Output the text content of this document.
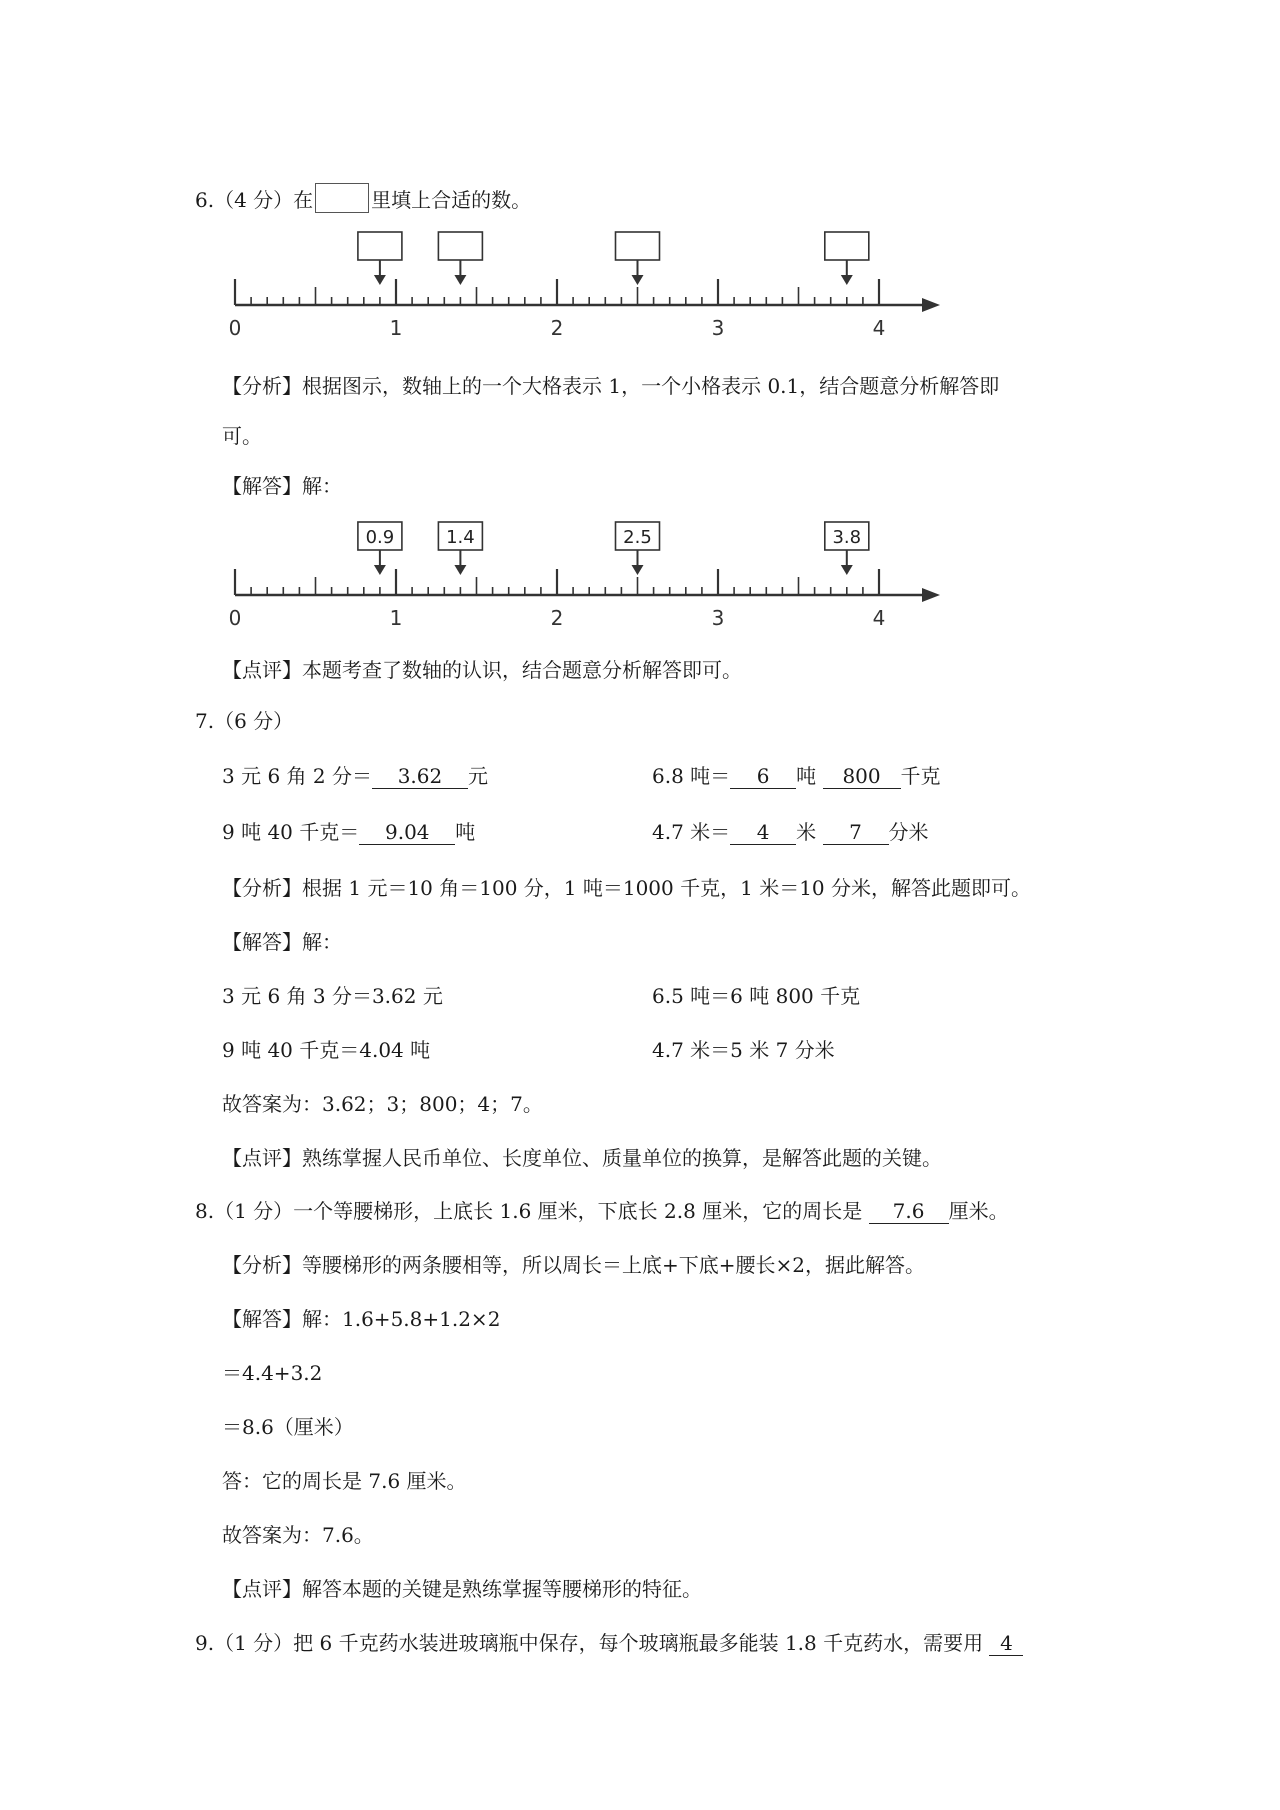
6.（4 分）在	里填上合适的数。
0	1	2	3	4
【分析】根据图示，数轴上的一个大格表示 1，一个小格表示 0.1，结合题意分析解答即
可。
【解答】解：
0	1	2	3	4
0.9	1.4	2.5	3.8
【点评】本题考查了数轴的认识，结合题意分析解答即可。
7.（6 分）
3 元 6 角 2 分＝ 3.62 元	6.8 吨＝ 6 吨 800 千克
9 吨 40 千克＝ 9.04 吨	4.7 米＝ 4 米 7 分米
【分析】根据 1 元＝10 角＝100 分，1 吨＝1000 千克，1 米＝10 分米，解答此题即可。
【解答】解：
3 元 6 角 3 分＝3.62 元	6.5 吨＝6 吨 800 千克
9 吨 40 千克＝4.04 吨	4.7 米＝5 米 7 分米
故答案为：3.62；3；800；4；7。
【点评】熟练掌握人民币单位、长度单位、质量单位的换算，是解答此题的关键。
8.（1 分）一个等腰梯形，上底长 1.6 厘米，下底长 2.8 厘米，它的周长是 7.6 厘米。
【分析】等腰梯形的两条腰相等，所以周长＝上底+下底+腰长×2，据此解答。
【解答】解：1.6+5.8+1.2×2
＝4.4+3.2
＝8.6（厘米）
答：它的周长是 7.6 厘米。
故答案为：7.6。
【点评】解答本题的关键是熟练掌握等腰梯形的特征。
9.（1 分）把 6 千克药水装进玻璃瓶中保存，每个玻璃瓶最多能装 1.8 千克药水，需要用 4
